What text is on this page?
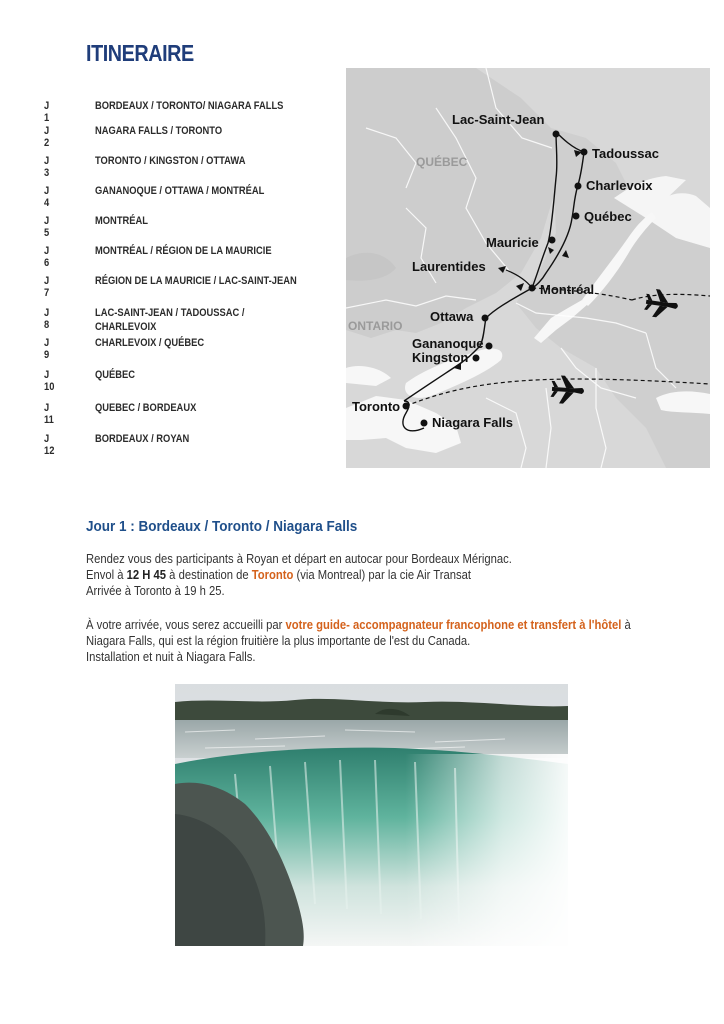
ITINERAIRE
J 1
BORDEAUX / TORONTO/ NIAGARA FALLS
J 2
NAGARA FALLS / TORONTO
J 3
TORONTO / KINGSTON / OTTAWA
J 4
GANANOQUE / OTTAWA / MONTRÉAL
J 5
MONTRÉAL
J 6
MONTRÉAL / RÉGION DE LA MAURICIE
J 7
RÉGION DE LA MAURICIE / LAC-SAINT-JEAN
J 8
LAC-SAINT-JEAN / TADOUSSAC /
CHARLEVOIX
J 9
CHARLEVOIX / QUÉBEC
J 10
QUÉBEC
J 11
QUEBEC / BORDEAUX
J 12
BORDEAUX / ROYAN
QUÉBEC
ONTARIO
Lac-Saint-Jean
Tadoussac
Charlevoix
Québec
Mauricie
Laurentides
Montréal
Ottawa
Gananoque
Kingston
Toronto
Niagara Falls
Jour 1 : Bordeaux / Toronto / Niagara Falls
Rendez vous des participants à Royan et départ en autocar pour Bordeaux Mérignac.
Envol à 12 H 45 à destination de Toronto (via Montreal) par la cie Air Transat
Arrivée à Toronto à 19 h 25.
À votre arrivée, vous serez accueilli par votre guide- accompagnateur francophone et transfert à l'hôtel à
Niagara Falls, qui est la région fruitière la plus importante de l'est du Canada.
Installation et nuit à Niagara Falls.
